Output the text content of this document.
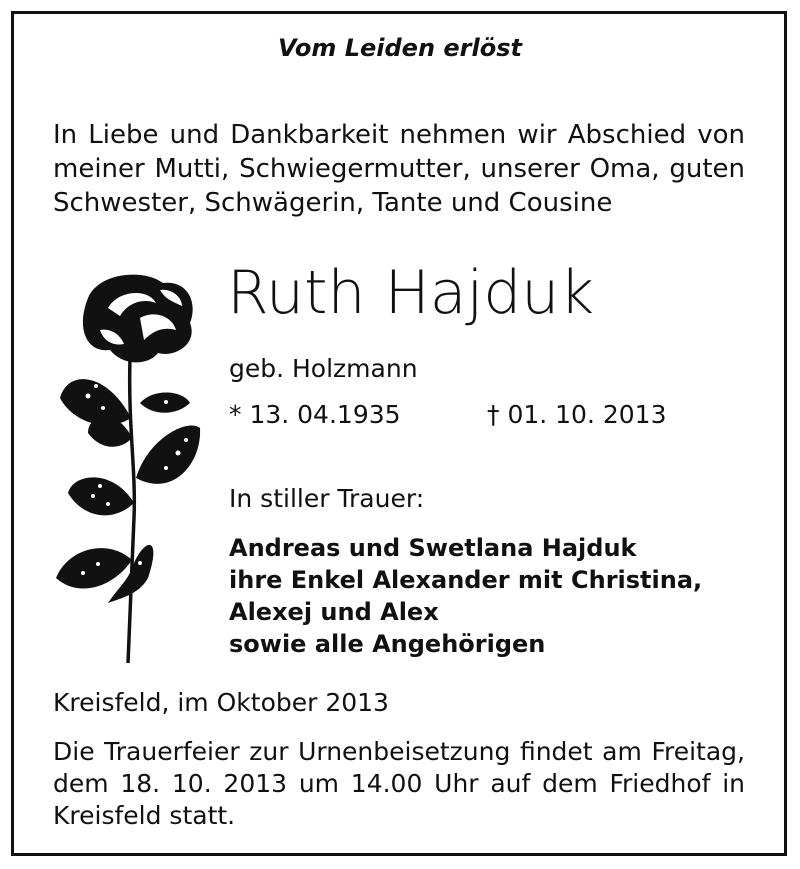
Vom Leiden erlöst
In Liebe und Dankbarkeit nehmen wir Abschied von meiner Mutti, Schwiegermutter, unserer Oma, guten Schwester, Schwägerin, Tante und Cousine
Ruth Hajduk
geb. Holzmann
* 13. 04.1935	† 01. 10. 2013
In stiller Trauer:
Andreas und Swetlana Hajduk
ihre Enkel Alexander mit Christina,
Alexej und Alex
sowie alle Angehörigen
Kreisfeld, im Oktober 2013
Die Trauerfeier zur Urnenbeisetzung findet am Freitag, dem 18. 10. 2013 um 14.00 Uhr auf dem Friedhof in Kreisfeld statt.
